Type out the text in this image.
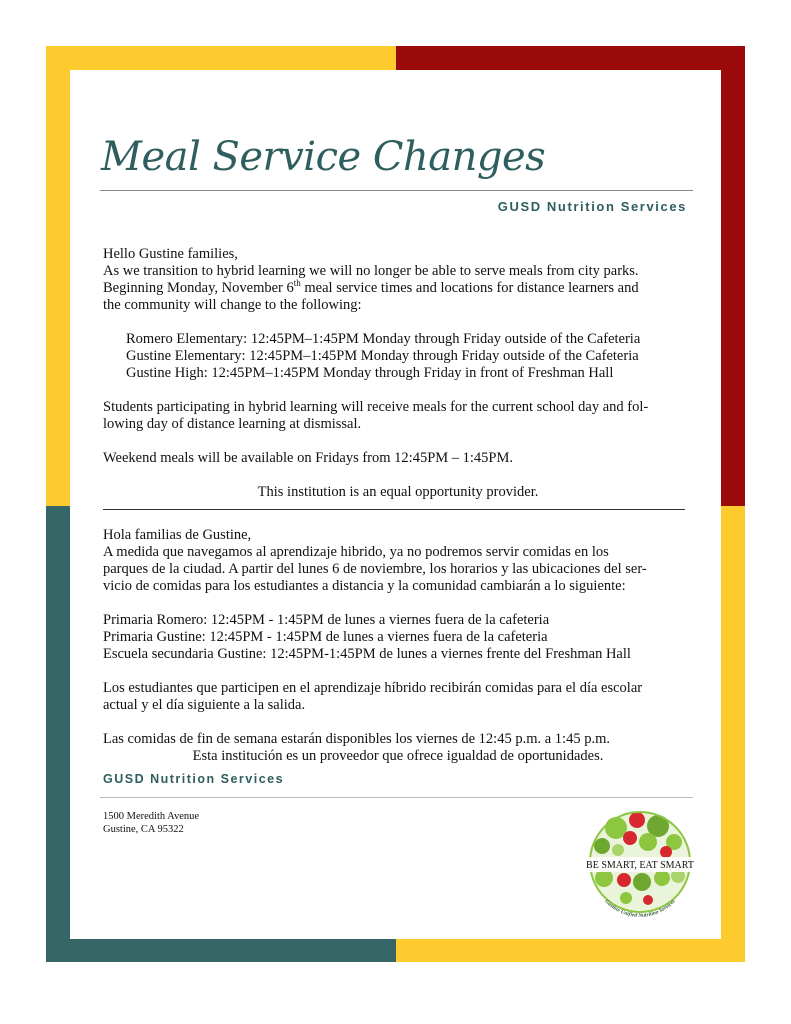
Meal Service Changes
GUSD Nutrition Services

Hello Gustine families,

As we transition to hybrid learning we will no longer be able to serve meals from city parks.

Beginning Monday, November 6th meal service times and locations for distance learners and

the community will change to the following:

Romero Elementary: 12:45PM–1:45PM Monday through Friday outside of the Cafeteria

Gustine Elementary: 12:45PM–1:45PM Monday through Friday outside of the Cafeteria

Gustine High: 12:45PM–1:45PM Monday through Friday in front of Freshman Hall

Students participating in hybrid learning will receive meals for the current school day and fol-

lowing day of distance learning at dismissal.

Weekend meals will be available on Fridays from 12:45PM – 1:45PM.

This institution is an equal opportunity provider.

Hola familias de Gustine,

A medida que navegamos al aprendizaje hibrido, ya no podremos servir comidas en los

parques de la ciudad. A partir del lunes 6 de noviembre, los horarios y las ubicaciones del ser-

vicio de comidas para los estudiantes a distancia y la comunidad cambiarán a lo siguiente:

Primaria Romero: 12:45PM - 1:45PM de lunes a viernes fuera de la cafeteria

Primaria Gustine: 12:45PM - 1:45PM de lunes a viernes fuera de la cafeteria

Escuela secundaria Gustine: 12:45PM-1:45PM de lunes a viernes frente del Freshman Hall

Los estudiantes que participen en el aprendizaje híbrido recibirán comidas para el día escolar

actual y el día siguiente a la salida.

Las comidas de fin de semana estarán disponibles los viernes de 12:45 p.m. a 1:45 p.m.

Esta institución es un proveedor que ofrece igualdad de oportunidades.

GUSD Nutrition Services
1500 Meredith Avenue
Gustine, CA 95322
BE SMART, EAT SMART
Gustine Unified Nutrition Services
